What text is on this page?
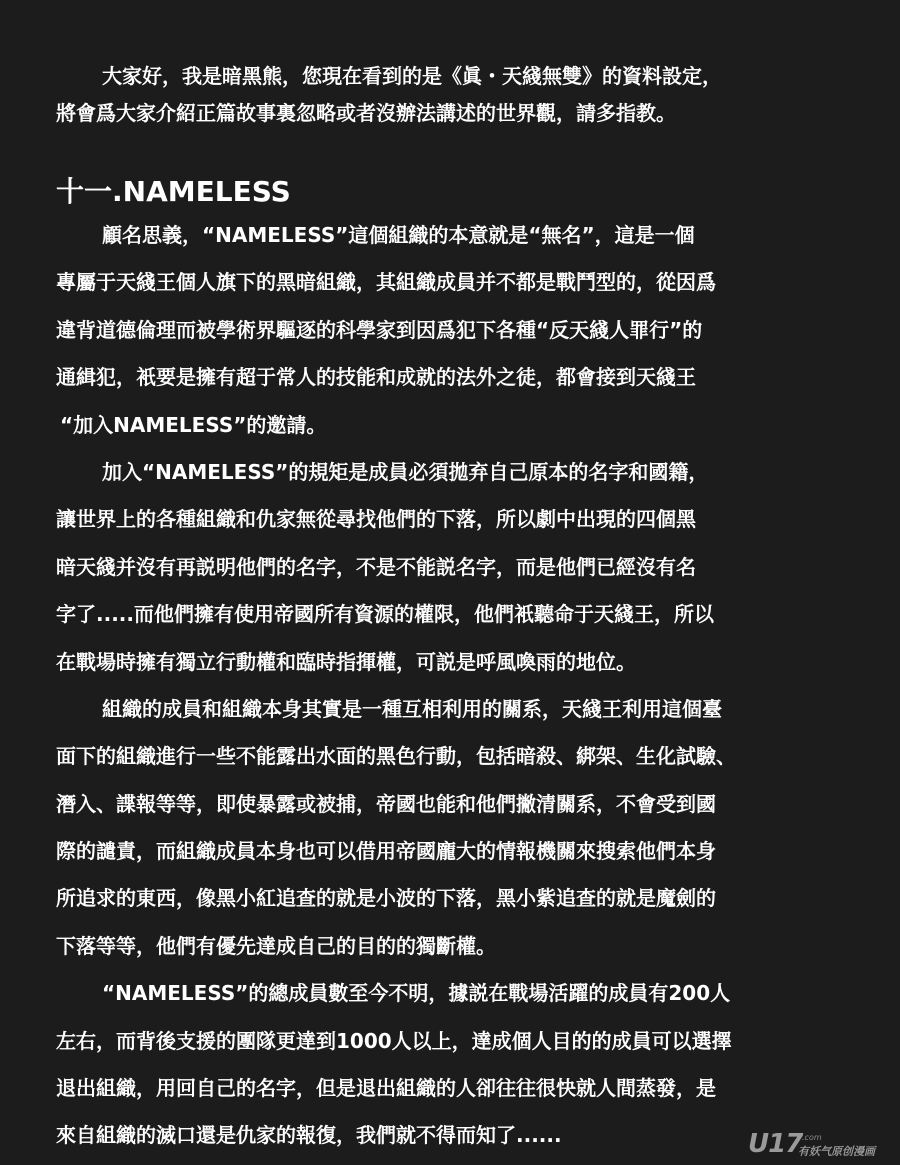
大家好，我是暗黑熊，您現在看到的是《眞・天綫無雙》的資料設定，
將會爲大家介紹正篇故事裏忽略或者沒辦法講述的世界觀，請多指教。
十一.NAMELESS
顧名思義，“NAMELESS”這個組織的本意就是“無名”，這是一個
專屬于天綫王個人旗下的黑暗組織，其組織成員并不都是戰鬥型的，從因爲
違背道德倫理而被學術界驅逐的科學家到因爲犯下各種“反天綫人罪行”的
通緝犯，衹要是擁有超于常人的技能和成就的法外之徒，都會接到天綫王
“加入NAMELESS”的邀請。
加入“NAMELESS”的規矩是成員必須拋弃自己原本的名字和國籍，
讓世界上的各種組織和仇家無從尋找他們的下落，所以劇中出現的四個黑
暗天綫并沒有再説明他們的名字，不是不能説名字，而是他們已經沒有名
字了.....而他們擁有使用帝國所有資源的權限，他們衹聽命于天綫王，所以
在戰場時擁有獨立行動權和臨時指揮權，可説是呼風喚雨的地位。
組織的成員和組織本身其實是一種互相利用的關系，天綫王利用這個臺
面下的組織進行一些不能露出水面的黑色行動，包括暗殺、綁架、生化試驗、
潛入、諜報等等，即使暴露或被捕，帝國也能和他們撇清關系，不會受到國
際的譴責，而組織成員本身也可以借用帝國龐大的情報機關來搜索他們本身
所追求的東西，像黑小紅追查的就是小波的下落，黑小紫追查的就是魔劍的
下落等等，他們有優先達成自己的目的的獨斷權。
“NAMELESS”的總成員數至今不明，據説在戰場活躍的成員有200人
左右，而背後支援的團隊更達到1000人以上，達成個人目的的成員可以選擇
退出組織，用回自己的名字，但是退出組織的人卻往往很快就人間蒸發，是
來自組織的滅口還是仇家的報復，我們就不得而知了......	U17 .com
有妖气原创漫画
